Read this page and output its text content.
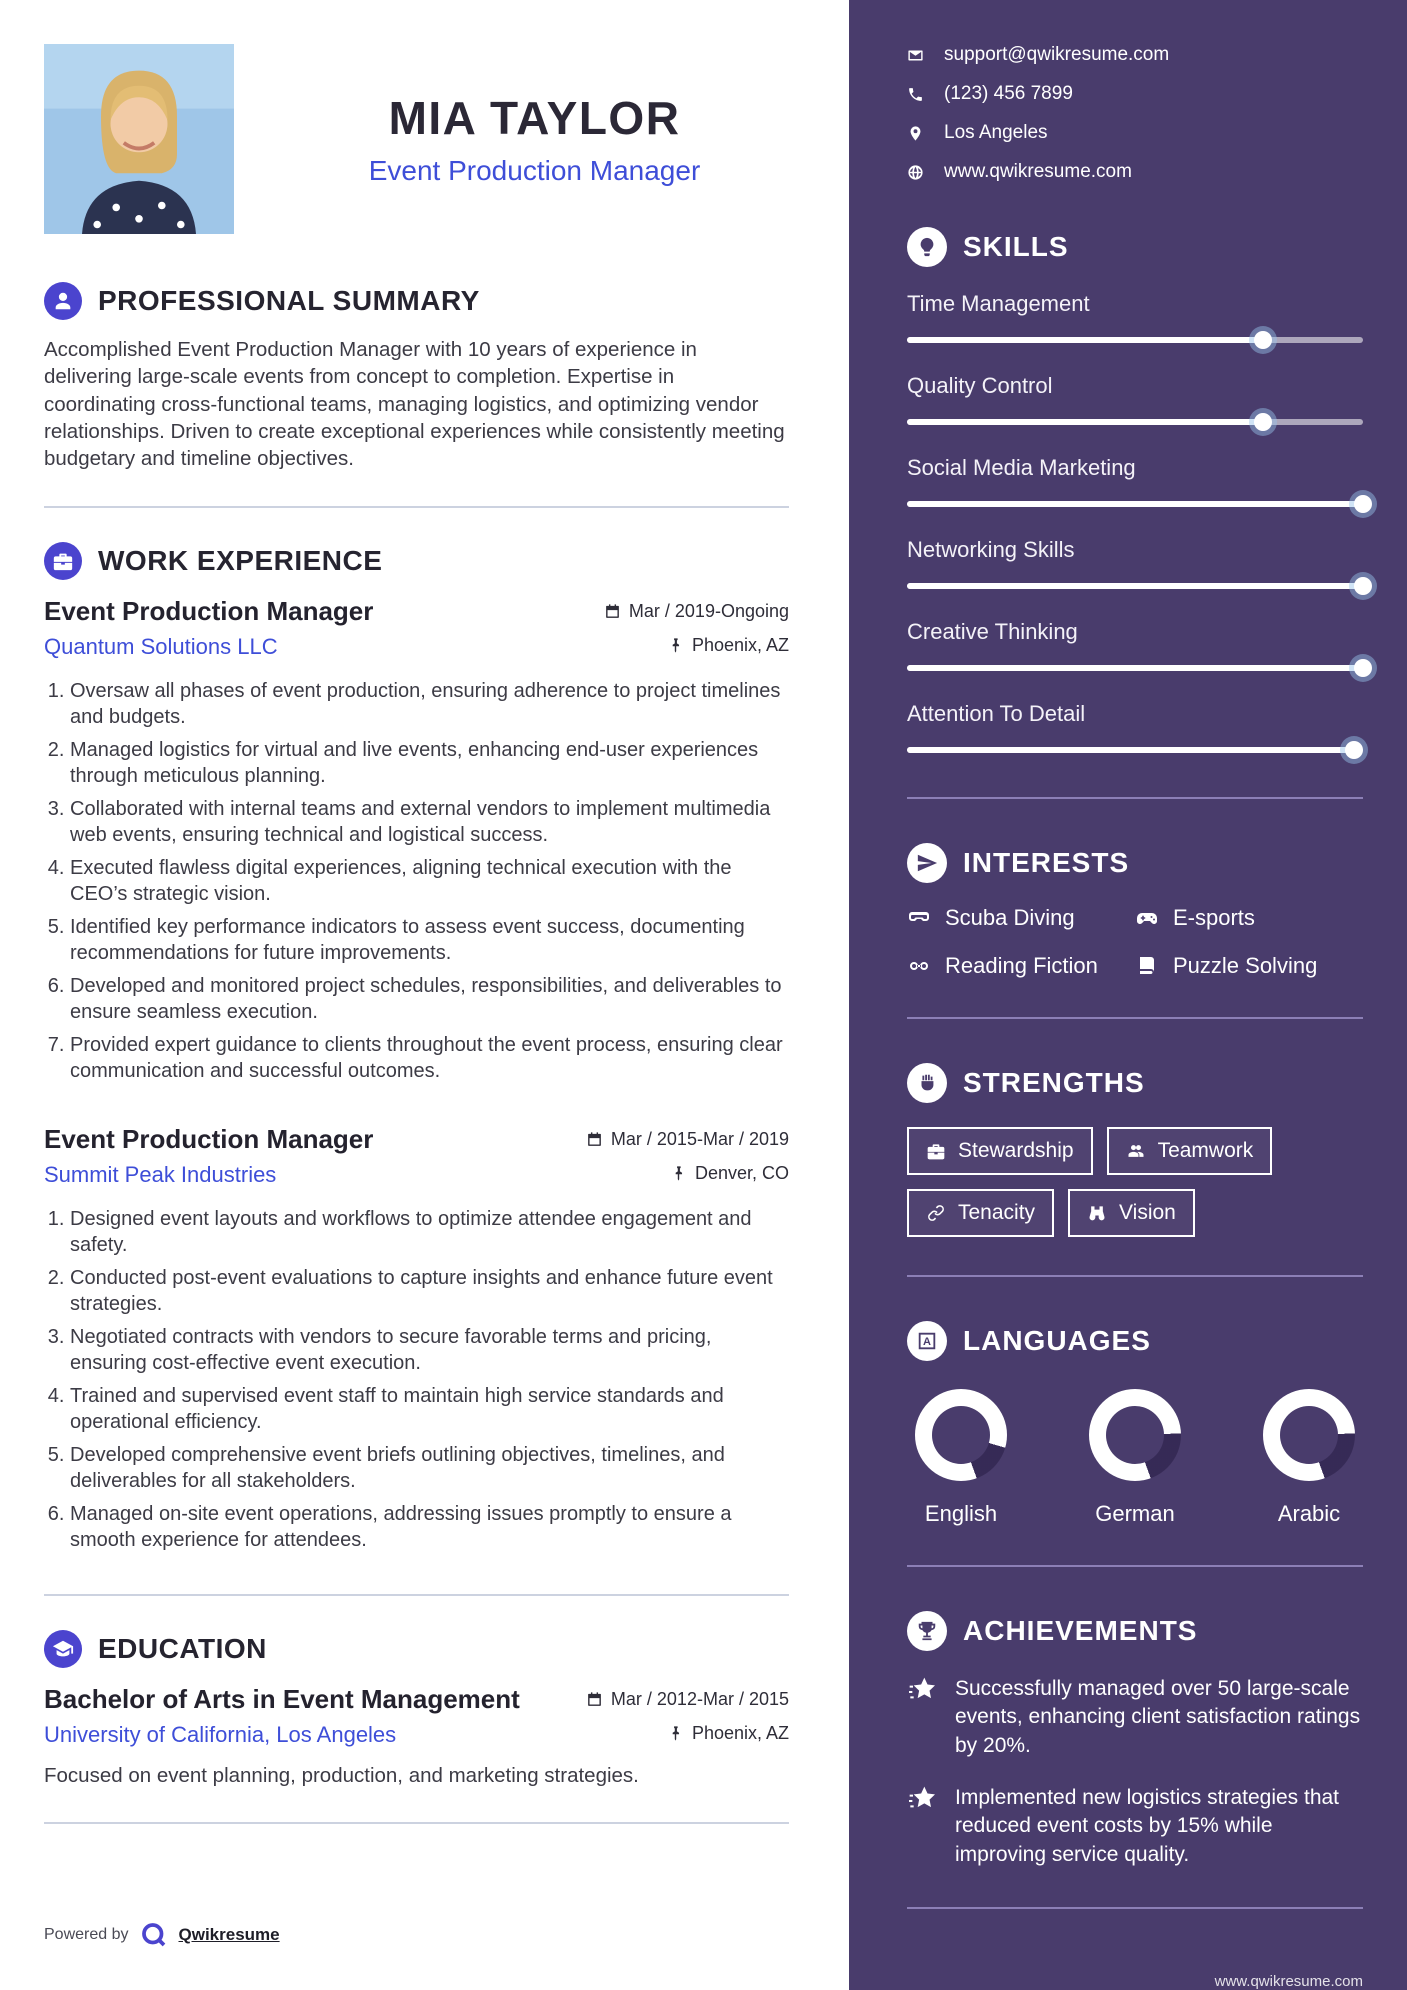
MIA TAYLOR
Event Production Manager
PROFESSIONAL SUMMARY

Accomplished Event Production Manager with 10 years of experience in delivering large-scale events from concept to completion. Expertise in coordinating cross-functional teams, managing logistics, and optimizing vendor relationships. Driven to create exceptional experiences while consistently meeting budgetary and timeline objectives.

WORK EXPERIENCE
Event Production Manager	Mar / 2019-Ongoing
Quantum Solutions LLC	Phoenix, AZ
1. Oversaw all phases of event production, ensuring adherence to project timelines and budgets.
2. Managed logistics for virtual and live events, enhancing end-user experiences through meticulous planning.
3. Collaborated with internal teams and external vendors to implement multimedia web events, ensuring technical and logistical success.
4. Executed flawless digital experiences, aligning technical execution with the CEO’s strategic vision.
5. Identified key performance indicators to assess event success, documenting recommendations for future improvements.
6. Developed and monitored project schedules, responsibilities, and deliverables to ensure seamless execution.
7. Provided expert guidance to clients throughout the event process, ensuring clear communication and successful outcomes.
Event Production Manager	Mar / 2015-Mar / 2019
Summit Peak Industries	Denver, CO
1. Designed event layouts and workflows to optimize attendee engagement and safety.
2. Conducted post-event evaluations to capture insights and enhance future event strategies.
3. Negotiated contracts with vendors to secure favorable terms and pricing, ensuring cost-effective event execution.
4. Trained and supervised event staff to maintain high service standards and operational efficiency.
5. Developed comprehensive event briefs outlining objectives, timelines, and deliverables for all stakeholders.
6. Managed on-site event operations, addressing issues promptly to ensure a smooth experience for attendees.
EDUCATION
Bachelor of Arts in Event Management	Mar / 2012-Mar / 2015
University of California, Los Angeles	Phoenix, AZ

Focused on event planning, production, and marketing strategies.

Powered by	Qwikresume
support@qwikresume.com
(123) 456 7899
Los Angeles
www.qwikresume.com
SKILLS
Time Management
Quality Control
Social Media Marketing
Networking Skills
Creative Thinking
Attention To Detail
INTERESTS
Scuba Diving	E-sports
Reading Fiction	Puzzle Solving
STRENGTHS
Stewardship	Teamwork
Tenacity	Vision
A LANGUAGES
English	German	Arabic
ACHIEVEMENTS
Successfully managed over 50 large-scale events, enhancing client satisfaction ratings by 20%.
Implemented new logistics strategies that reduced event costs by 15% while improving service quality.
www.qwikresume.com
